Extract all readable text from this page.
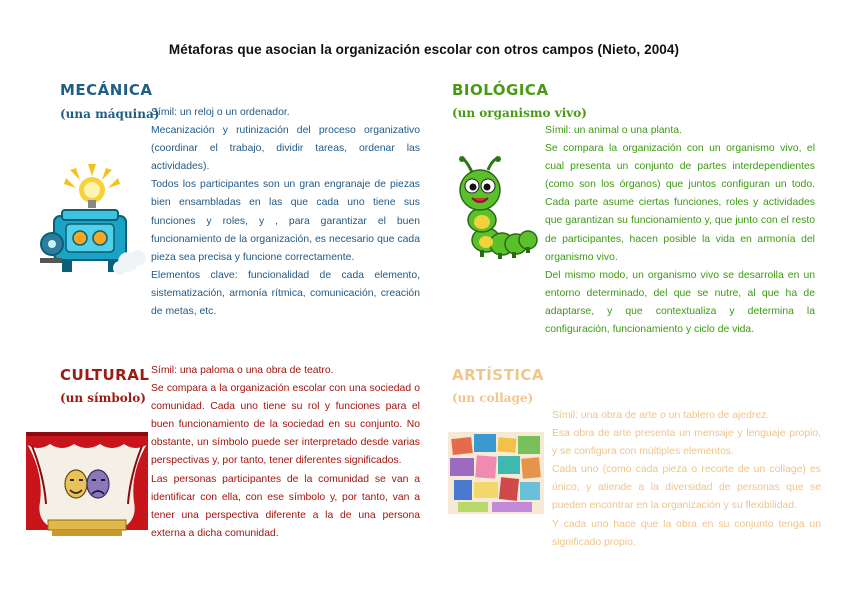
Métaforas que asocian la organización escolar con otros campos (Nieto, 2004)
MECÁNICA
(una máquina)

Símil: un reloj o un ordenador.

Mecanización y rutinización del proceso organizativo (coordinar el trabajo, dividir tareas, ordenar las actividades).

Todos los participantes son un gran engranaje de piezas bien ensambladas en las que cada uno tiene sus funciones y roles, y , para garantizar el buen funcionamiento de la organización, es necesario que cada pieza sea precisa y funcione correctamente.

Elementos clave: funcionalidad de cada elemento, sistematización, armonía rítmica, comunicación, creación de metas, etc.

BIOLÓGICA
(un organismo vivo)

Símil: un animal o una planta.

Se compara la organización con un organismo vivo, el cual presenta un conjunto de partes interdependientes (como son los órganos) que juntos configuran un todo. Cada parte asume ciertas funciones, roles y actividades que garantizan su funcionamiento y, que junto con el resto de participantes, hacen posible la vida en armonía del organismo vivo.

Del mismo modo, un organismo vivo se desarrolla en un entorno determinado, del que se nutre, al que ha de adaptarse, y que contextualiza y determina la configuración, funcionamiento y ciclo de vida.

CULTURAL
(un símbolo)

Símil: una paloma o una obra de teatro.

Se compara a la organización escolar con una sociedad o comunidad. Cada uno tiene su rol y funciones para el buen funcionamiento de la sociedad en su conjunto. No obstante, un símbolo puede ser interpretado desde varias perspectivas y, por tanto, tener diferentes significados.

Las personas participantes de la comunidad se van a identificar con ella, con ese símbolo y, por tanto, van a tener una perspectiva diferente a la de una persona externa a dicha comunidad.

ARTÍSTICA
(un collage)

Símil: una obra de arte o un tablero de ajedrez.

Esa obra de arte presenta un mensaje y lenguaje propio, y se configura con múltiples elementos.

Cada uno (como cada pieza o recorte de un collage) es único, y atiende a la diversidad de personas que se pueden encontrar en la organización y su flexibilidad.

Y cada uno hace que la obra en su conjunto tenga un significado propio.
